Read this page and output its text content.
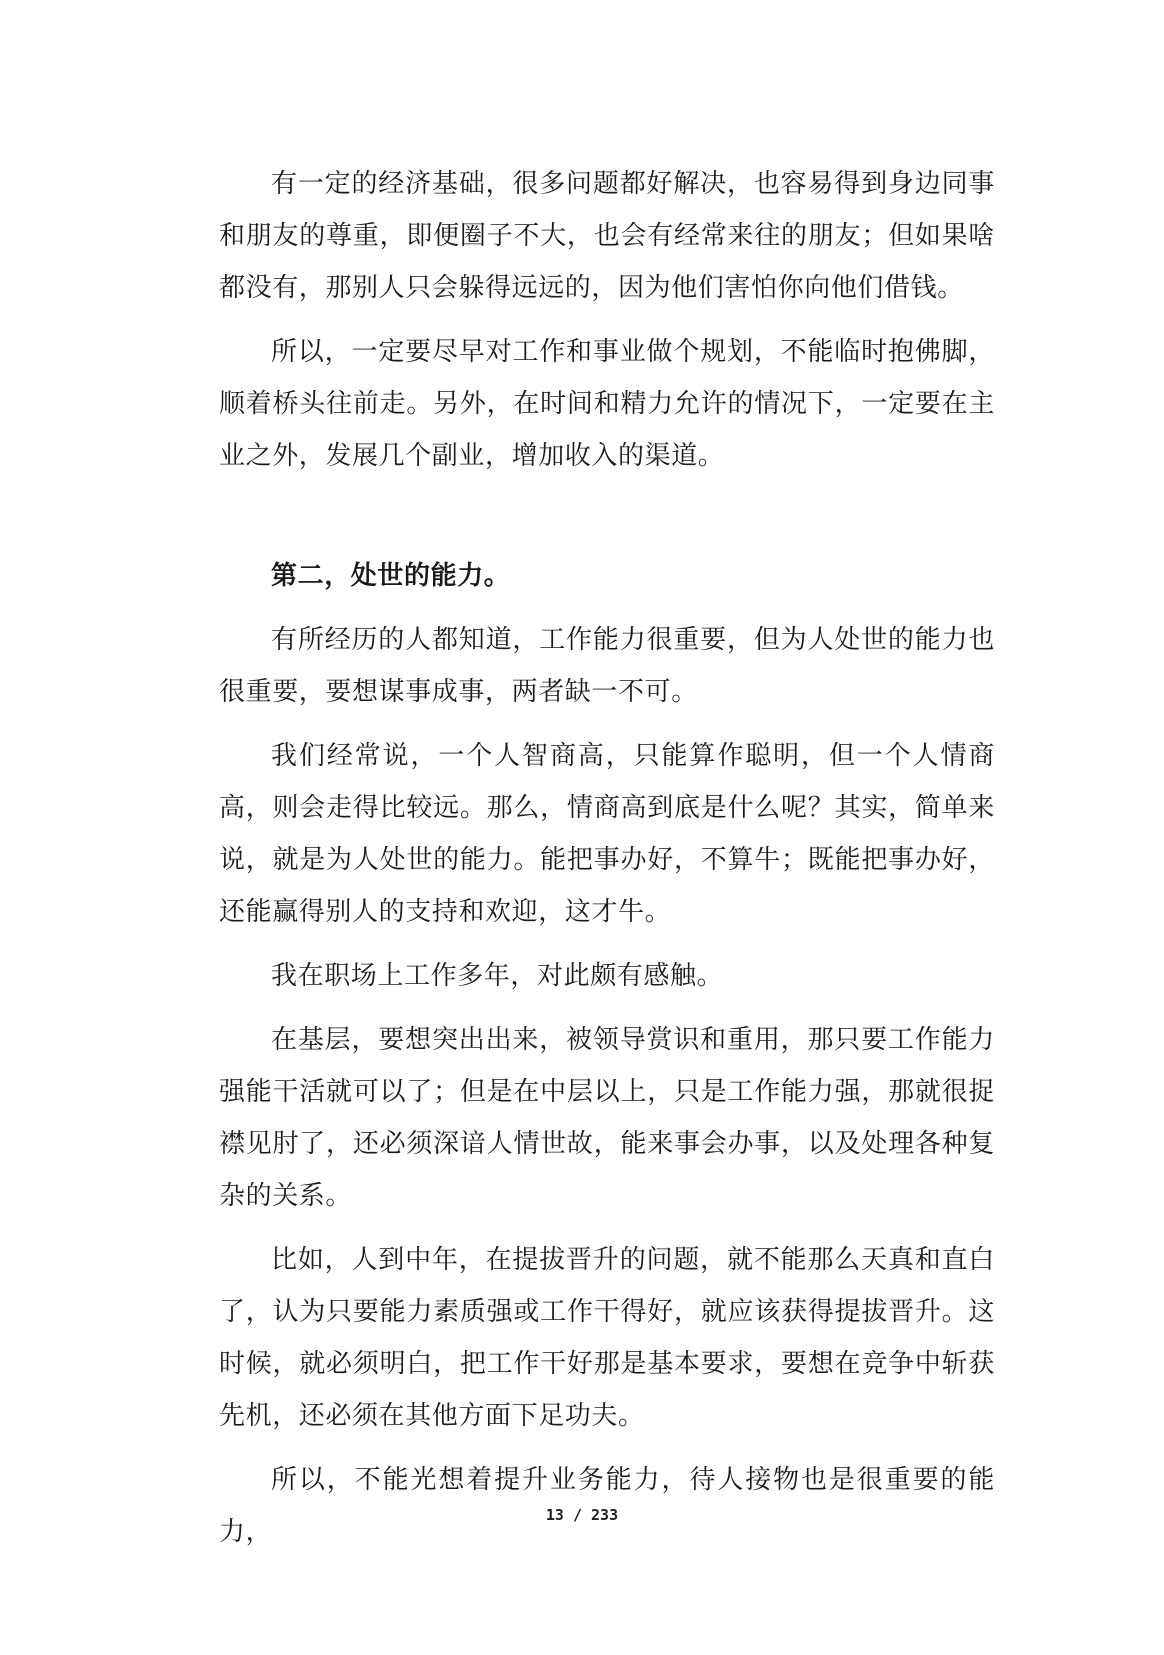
有一定的经济基础，很多问题都好解决，也容易得到身边同事和朋友的尊重，即便圈子不大，也会有经常来往的朋友；但如果啥都没有，那别人只会躲得远远的，因为他们害怕你向他们借钱。

所以，一定要尽早对工作和事业做个规划，不能临时抱佛脚，顺着桥头往前走。另外，在时间和精力允许的情况下，一定要在主业之外，发展几个副业，增加收入的渠道。

第二，处世的能力。

有所经历的人都知道，工作能力很重要，但为人处世的能力也很重要，要想谋事成事，两者缺一不可。

我们经常说，一个人智商高，只能算作聪明，但一个人情商高，则会走得比较远。那么，情商高到底是什么呢？其实，简单来说，就是为人处世的能力。能把事办好，不算牛；既能把事办好，还能赢得别人的支持和欢迎，这才牛。

我在职场上工作多年，对此颇有感触。

在基层，要想突出出来，被领导赏识和重用，那只要工作能力强能干活就可以了；但是在中层以上，只是工作能力强，那就很捉襟见肘了，还必须深谙人情世故，能来事会办事，以及处理各种复杂的关系。

比如，人到中年，在提拔晋升的问题，就不能那么天真和直白了，认为只要能力素质强或工作干得好，就应该获得提拔晋升。这时候，就必须明白，把工作干好那是基本要求，要想在竞争中斩获先机，还必须在其他方面下足功夫。

所以，不能光想着提升业务能力，待人接物也是很重要的能力，

13 / 233
